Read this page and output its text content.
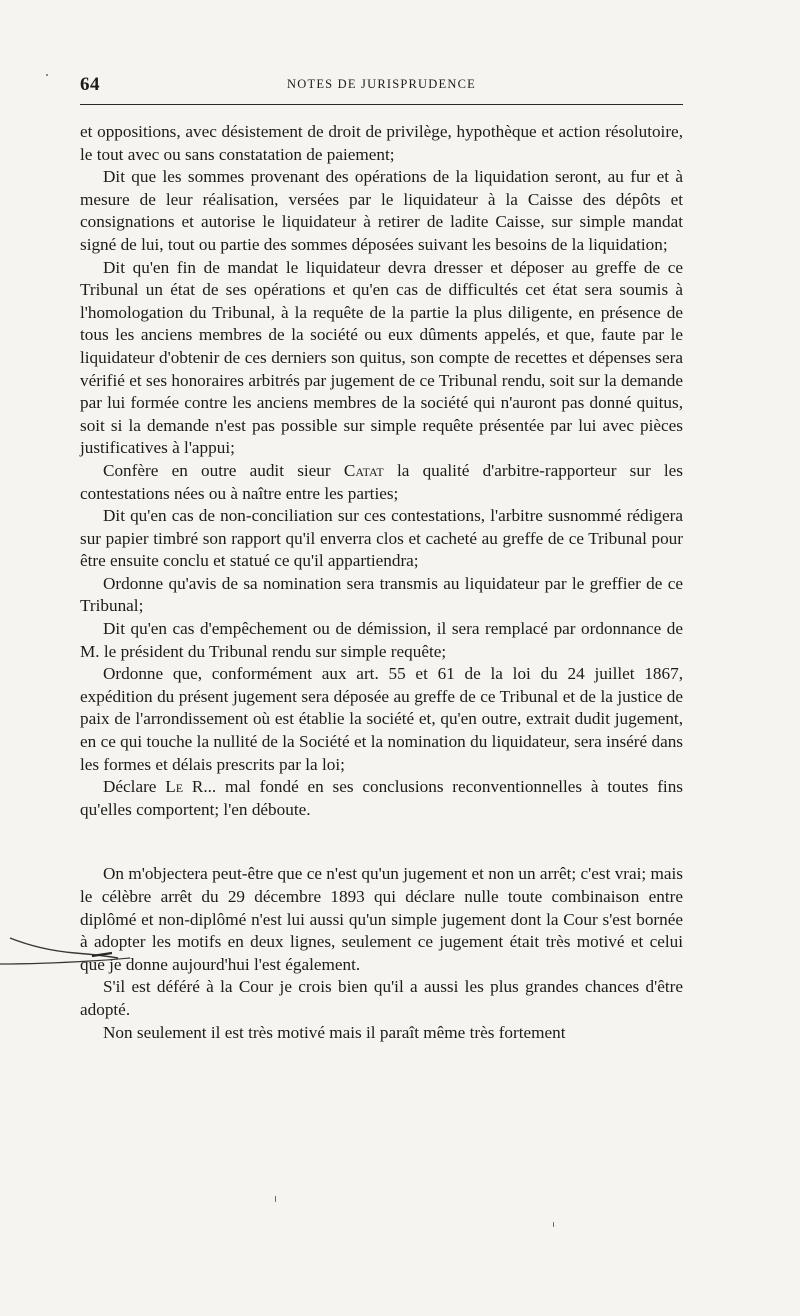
64	NOTES DE JURISPRUDENCE

et oppositions, avec désistement de droit de privilège, hypothèque et action résolutoire, le tout avec ou sans constatation de paiement;

Dit que les sommes provenant des opérations de la liquidation seront, au fur et à mesure de leur réalisation, versées par le liquidateur à la Caisse des dépôts et consignations et autorise le liquidateur à retirer de ladite Caisse, sur simple mandat signé de lui, tout ou partie des sommes déposées suivant les besoins de la liquidation;

Dit qu'en fin de mandat le liquidateur devra dresser et déposer au greffe de ce Tribunal un état de ses opérations et qu'en cas de difficultés cet état sera soumis à l'homologation du Tribunal, à la requête de la partie la plus diligente, en présence de tous les anciens membres de la société ou eux dûments appelés, et que, faute par le liquidateur d'obtenir de ces derniers son quitus, son compte de recettes et dépenses sera vérifié et ses honoraires arbitrés par jugement de ce Tribunal rendu, soit sur la demande par lui formée contre les anciens membres de la société qui n'auront pas donné quitus, soit si la demande n'est pas possible sur simple requête présentée par lui avec pièces justificatives à l'appui;

Confère en outre audit sieur Catat la qualité d'arbitre-rapporteur sur les contestations nées ou à naître entre les parties;

Dit qu'en cas de non-conciliation sur ces contestations, l'arbitre susnommé rédigera sur papier timbré son rapport qu'il enverra clos et cacheté au greffe de ce Tribunal pour être ensuite conclu et statué ce qu'il appartiendra;

Ordonne qu'avis de sa nomination sera transmis au liquidateur par le greffier de ce Tribunal;

Dit qu'en cas d'empêchement ou de démission, il sera remplacé par ordonnance de M. le président du Tribunal rendu sur simple requête;

Ordonne que, conformément aux art. 55 et 61 de la loi du 24 juillet 1867, expédition du présent jugement sera déposée au greffe de ce Tribunal et de la justice de paix de l'arrondissement où est établie la société et, qu'en outre, extrait dudit jugement, en ce qui touche la nullité de la Société et la nomination du liquidateur, sera inséré dans les formes et délais prescrits par la loi;

Déclare Le R... mal fondé en ses conclusions reconventionnelles à toutes fins qu'elles comportent; l'en déboute.

On m'objectera peut-être que ce n'est qu'un jugement et non un arrêt; c'est vrai; mais le célèbre arrêt du 29 décembre 1893 qui déclare nulle toute combinaison entre diplômé et non-diplômé n'est lui aussi qu'un simple jugement dont la Cour s'est bornée à adopter les motifs en deux lignes, seulement ce jugement était très motivé et celui que je donne aujourd'hui l'est également.

S'il est déféré à la Cour je crois bien qu'il a aussi les plus grandes chances d'être adopté.

Non seulement il est très motivé mais il paraît même très fortement
